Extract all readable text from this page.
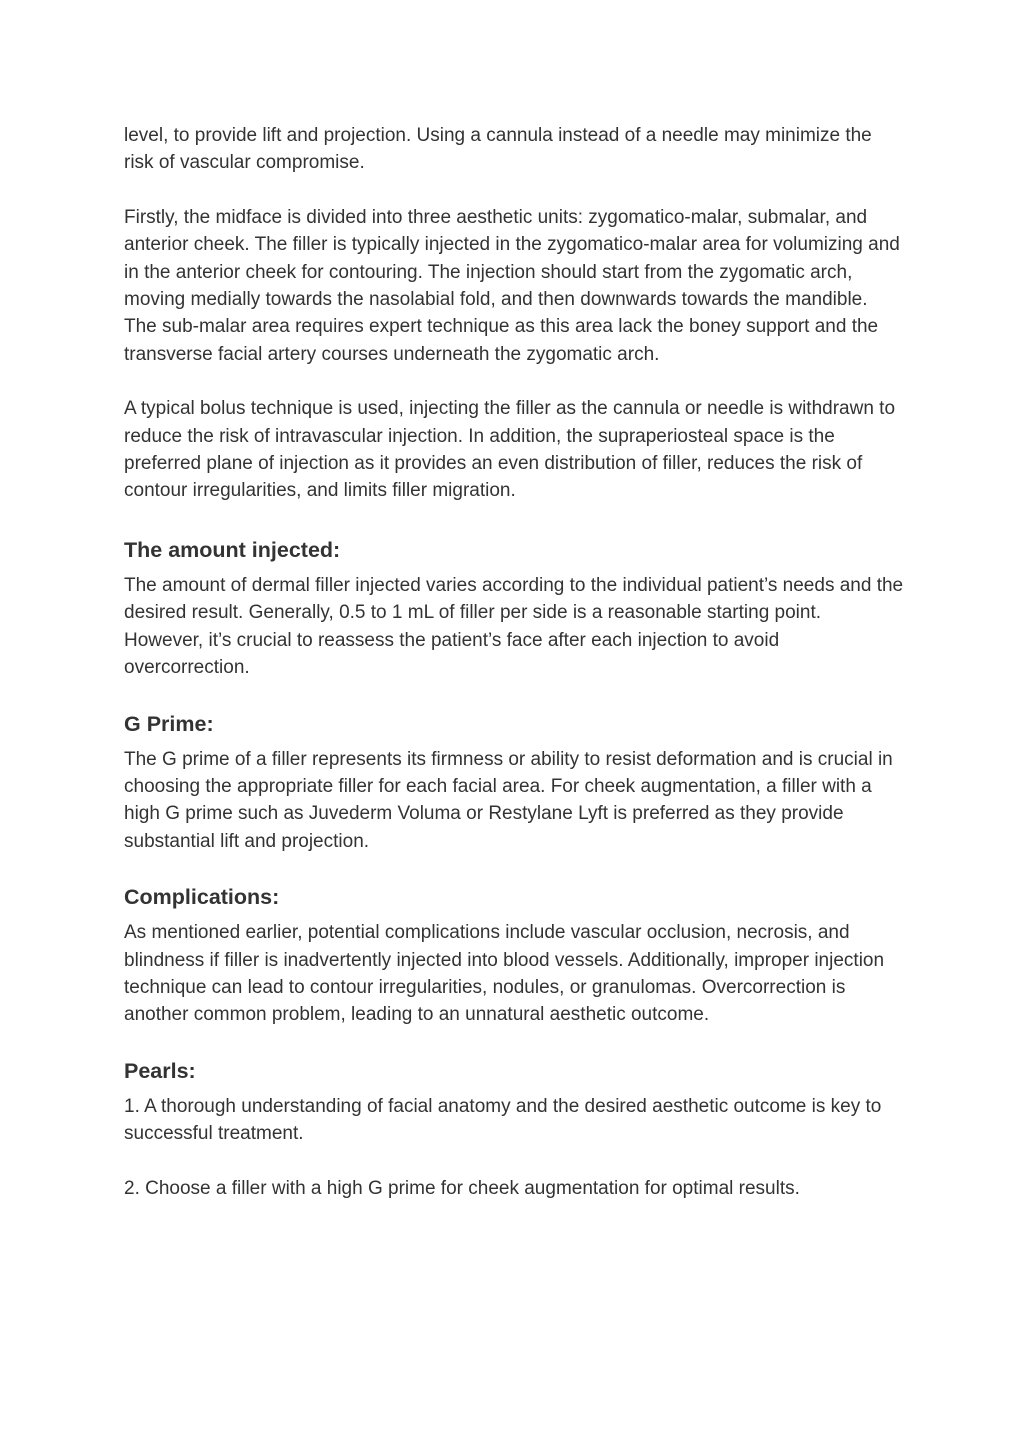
level, to provide lift and projection. Using a cannula instead of a needle may minimize the risk of vascular compromise.

Firstly, the midface is divided into three aesthetic units: zygomatico-malar, submalar, and anterior cheek. The filler is typically injected in the zygomatico-malar area for volumizing and in the anterior cheek for contouring. The injection should start from the zygomatic arch, moving medially towards the nasolabial fold, and then downwards towards the mandible. The sub-malar area requires expert technique as this area lack the boney support and the transverse facial artery courses underneath the zygomatic arch.

A typical bolus technique is used, injecting the filler as the cannula or needle is withdrawn to reduce the risk of intravascular injection. In addition, the supraperiosteal space is the preferred plane of injection as it provides an even distribution of filler, reduces the risk of contour irregularities, and limits filler migration.

The amount injected:

The amount of dermal filler injected varies according to the individual patient’s needs and the desired result. Generally, 0.5 to 1 mL of filler per side is a reasonable starting point. However, it’s crucial to reassess the patient’s face after each injection to avoid overcorrection.

G Prime:

The G prime of a filler represents its firmness or ability to resist deformation and is crucial in choosing the appropriate filler for each facial area. For cheek augmentation, a filler with a high G prime such as Juvederm Voluma or Restylane Lyft is preferred as they provide substantial lift and projection.

Complications:

As mentioned earlier, potential complications include vascular occlusion, necrosis, and blindness if filler is inadvertently injected into blood vessels. Additionally, improper injection technique can lead to contour irregularities, nodules, or granulomas. Overcorrection is another common problem, leading to an unnatural aesthetic outcome.

Pearls:

1. A thorough understanding of facial anatomy and the desired aesthetic outcome is key to successful treatment.

2. Choose a filler with a high G prime for cheek augmentation for optimal results.
